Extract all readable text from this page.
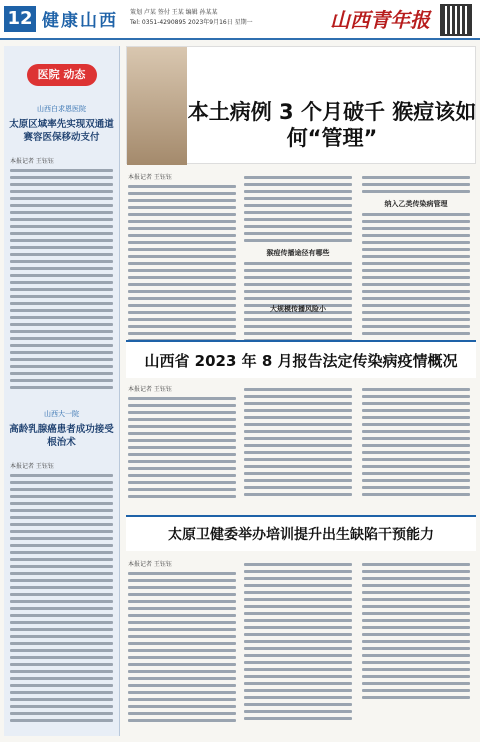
12 健康山西 策划 卢某 签付 王某 编辑 孙某某
Tel: 0351-4290895 2023年9月16日 星期一	山西青年报
医院 动态
山西白求恩医院
太原区域率先实现双通道赛容医保移动支付
本报记者 王钰钰
山西大一院
高龄乳腺癌患者成功接受根治术
本报记者 王钰钰
本土病例 3 个月破千 猴痘该如何“管理”
本报记者 王钰钰
猴痘传播途径有哪些
纳入乙类传染病管理
大规模传播风险小
山西省 2023 年 8 月报告法定传染病疫情概况
本报记者 王钰钰
太原卫健委举办培训提升出生缺陷干预能力
本报记者 王钰钰
